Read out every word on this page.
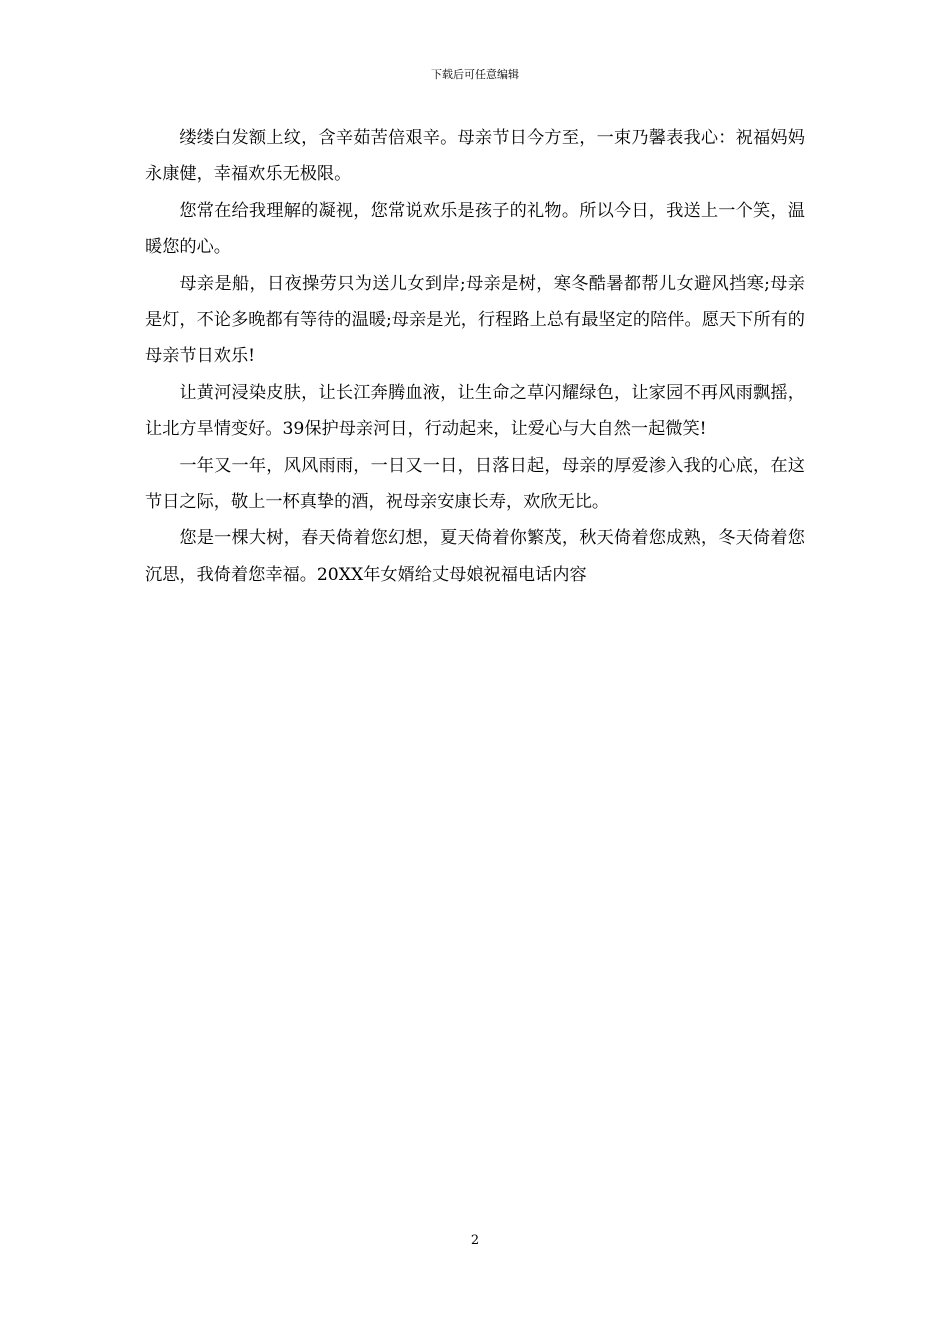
下载后可任意编辑

缕缕白发额上纹，含辛茹苦倍艰辛。母亲节日今方至，一束乃馨表我心：祝福妈妈永康健，幸福欢乐无极限。

您常在给我理解的凝视，您常说欢乐是孩子的礼物。所以今日，我送上一个笑，温暖您的心。

母亲是船，日夜操劳只为送儿女到岸;母亲是树，寒冬酷暑都帮儿女避风挡寒;母亲是灯，不论多晚都有等待的温暖;母亲是光，行程路上总有最坚定的陪伴。愿天下所有的母亲节日欢乐!

让黄河浸染皮肤，让长江奔腾血液，让生命之草闪耀绿色，让家园不再风雨飘摇，让北方旱情变好。39保护母亲河日，行动起来，让爱心与大自然一起微笑!

一年又一年，风风雨雨，一日又一日，日落日起，母亲的厚爱渗入我的心底，在这节日之际，敬上一杯真挚的酒，祝母亲安康长寿，欢欣无比。

您是一棵大树，春天倚着您幻想，夏天倚着你繁茂，秋天倚着您成熟，冬天倚着您沉思，我倚着您幸福。20XX年女婿给丈母娘祝福电话内容

2
